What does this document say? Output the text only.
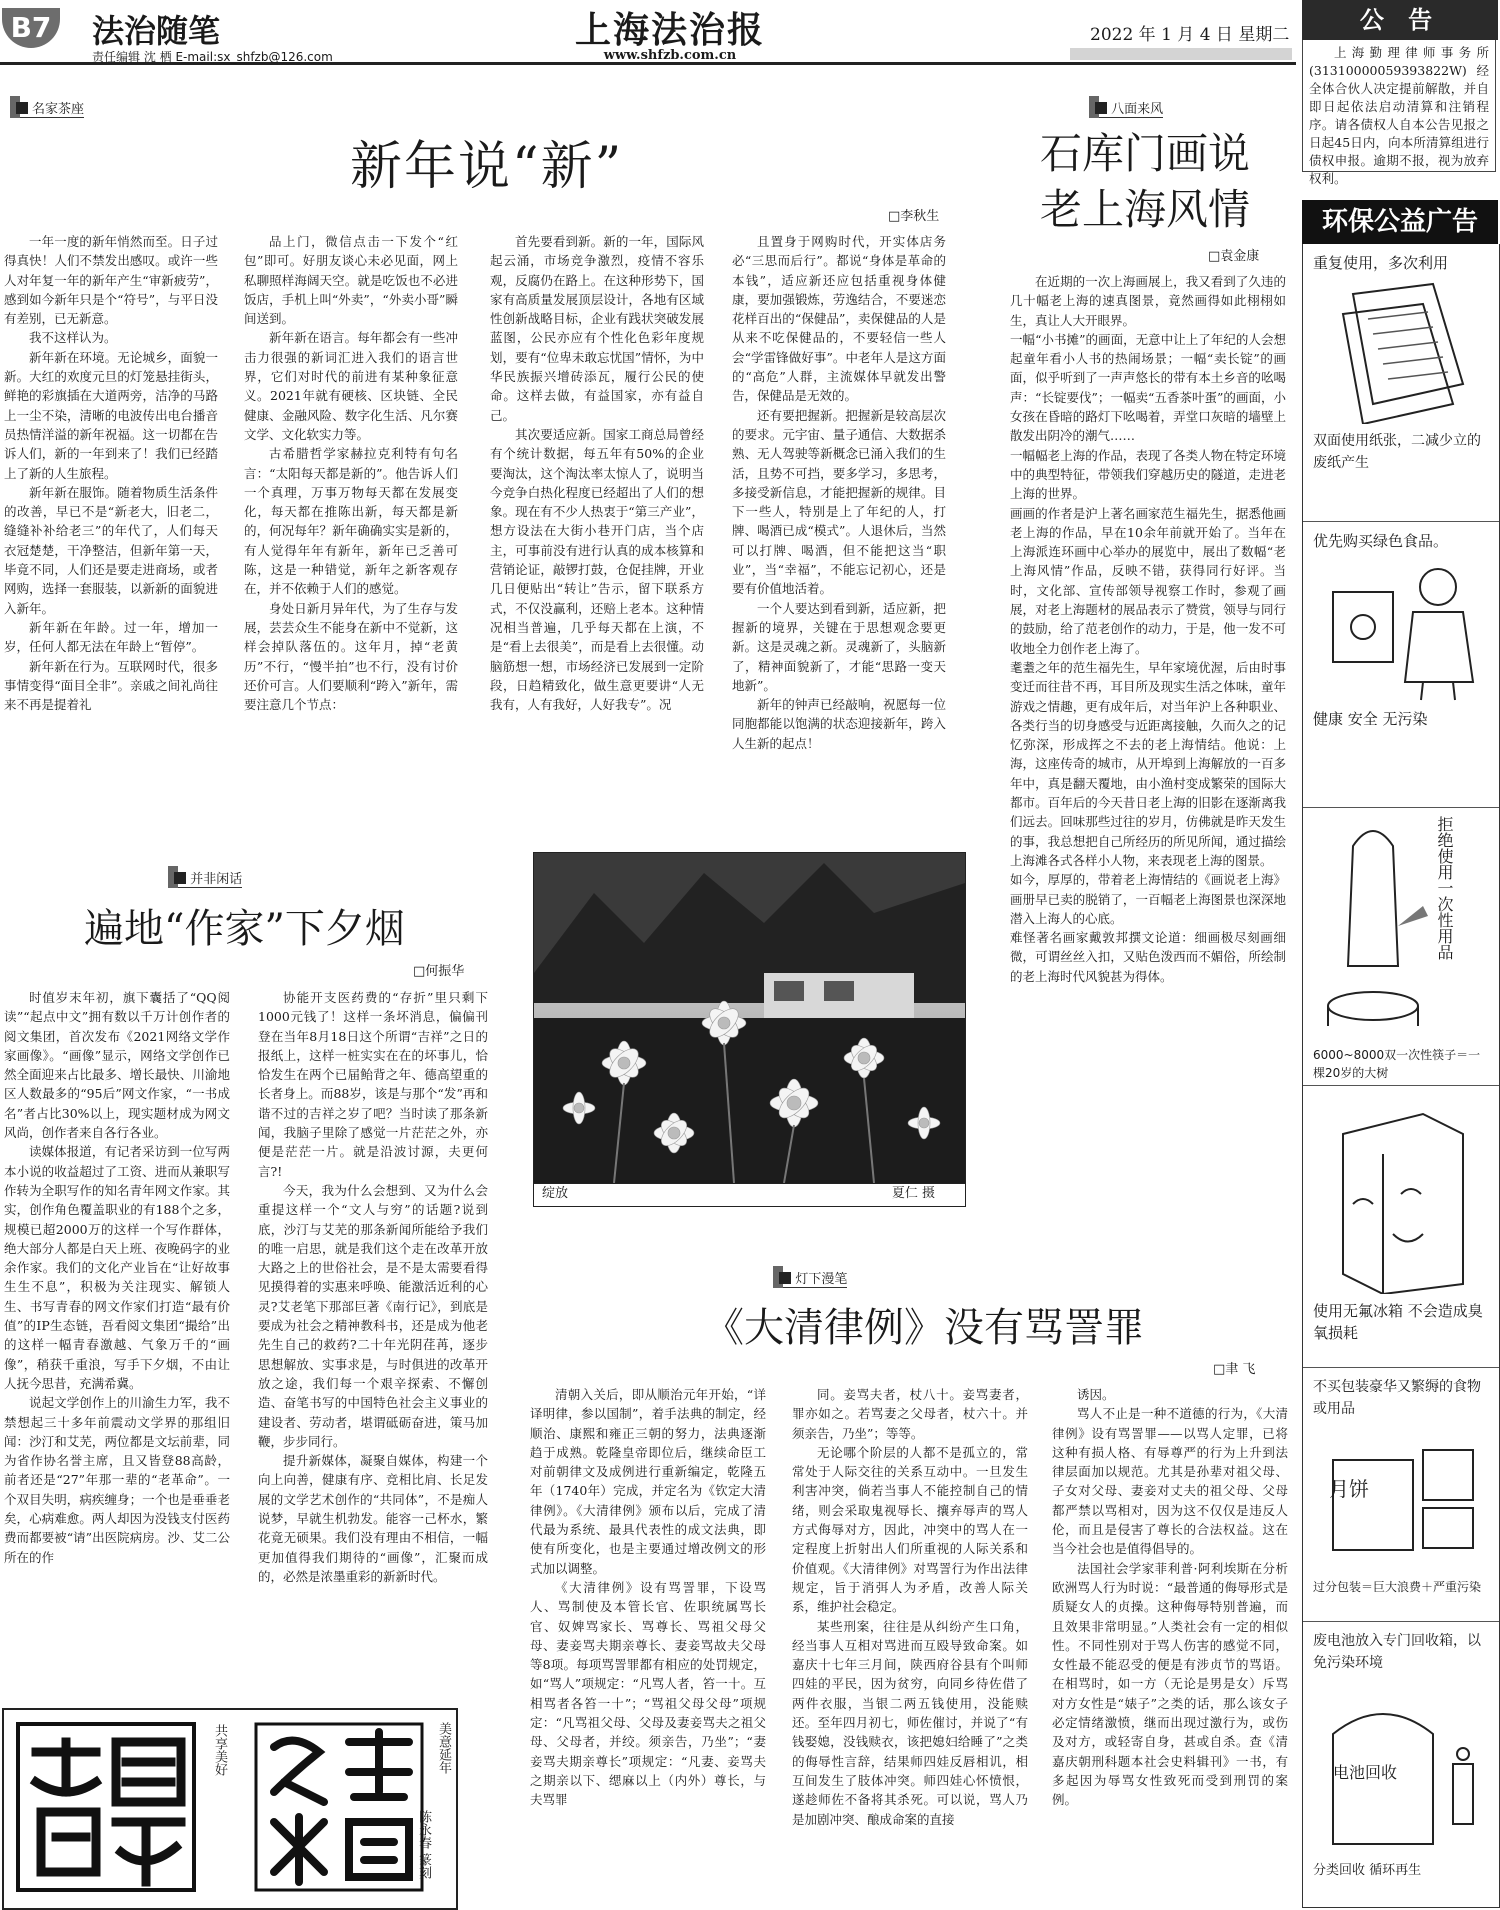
B7 法治随笔
责任编辑 沈 栖 E-mail:sx_shfzb@126.com
上海法治报
www.shfzb.com.cn
2022 年 1 月 4 日 星期二
公 告
上海勤理律师事务所(31310000059393822W)经全体合伙人决定提前解散，并自即日起依法启动清算和注销程序。请各债权人自本公告见报之日起45日内，向本所清算组进行债权申报。逾期不报，视为放弃权利。
环保公益广告
重复使用，多次利用
双面使用纸张，二减少立的废纸产生
优先购买绿色食品。
健康 安全 无污染
拒绝使用一次性用品
6000~8000双一次性筷子＝一棵20岁的大树
使用无氟冰箱 不会造成臭氧损耗
不买包装豪华又繁缛的食物或用品
月饼
过分包装＝巨大浪费＋严重污染
废电池放入专门回收箱，以免污染环境
电池回收
分类回收 循环再生
名家茶座
新年说“新”
□李秋生

一年一度的新年悄然而至。日子过得真快！人们不禁发出感叹。或许一些人对年复一年的新年产生“审新疲劳”，感到如今新年只是个“符号”，与平日没有差别，已无新意。

我不这样认为。

新年新在环境。无论城乡，面貌一新。大红的欢度元旦的灯笼悬挂街头，鲜艳的彩旗插在大道两旁，洁净的马路上一尘不染，清晰的电波传出电台播音员热情洋溢的新年祝福。这一切都在告诉人们，新的一年到来了！我们已经踏上了新的人生旅程。

新年新在服饰。随着物质生活条件的改善，早已不是“新老大，旧老二，缝缝补补给老三”的年代了，人们每天衣冠楚楚，干净整洁，但新年第一天，毕竟不同，人们还是要走进商场，或者网购，选择一套服装，以新新的面貌进入新年。

新年新在年龄。过一年，增加一岁，任何人都无法在年龄上“暂停”。

新年新在行为。互联网时代，很多事情变得“面目全非”。亲戚之间礼尚往来不再是提着礼

品上门，微信点击一下发个“红包”即可。好朋友谈心未必见面，网上私聊照样海阔天空。就是吃饭也不必进饭店，手机上叫“外卖”，“外卖小哥”瞬间送到。

新年新在语言。每年都会有一些冲击力很强的新词汇进入我们的语言世界，它们对时代的前进有某种象征意义。2021年就有硬核、区块链、全民健康、金融风险、数字化生活、凡尔赛文学、文化软实力等。

古希腊哲学家赫拉克利特有句名言：“太阳每天都是新的”。他告诉人们一个真理，万事万物每天都在发展变化，每天都在推陈出新，每天都是新的，何况每年？新年确确实实是新的，有人觉得年年有新年，新年已乏善可陈，这是一种错觉，新年之新客观存在，并不依赖于人们的感觉。

身处日新月异年代，为了生存与发展，芸芸众生不能身在新中不觉新，这样会掉队落伍的。这年月，掉“老黄历”不行，“慢半拍”也不行，没有讨价还价可言。人们要顺利“跨入”新年，需要注意几个节点：

首先要看到新。新的一年，国际风起云涌，市场竞争激烈，疫情不容乐观，反腐仍在路上。在这种形势下，国家有高质量发展顶层设计，各地有区域性创新战略目标，企业有践状突破发展蓝图，公民亦应有个性化色彩年度规划，要有“位卑未敢忘忧国”情怀，为中华民族振兴增砖添瓦，履行公民的使命。这样去做，有益国家，亦有益自己。

其次要适应新。国家工商总局曾经有个统计数据，每五年有50%的企业要淘汰，这个淘汰率太惊人了，说明当今竞争白热化程度已经超出了人们的想象。现在有不少人热衷于“第三产业”，想方设法在大街小巷开门店，当个店主，可事前没有进行认真的成本核算和营销论证，敲锣打鼓，仓促挂牌，开业几日便贴出“转让”告示，留下联系方式，不仅没赢利，还赔上老本。这种情况相当普遍，几乎每天都在上演，不是“看上去很美”，而是看上去很懂。动脑筋想一想，市场经济已发展到一定阶段，日趋精致化，做生意更要讲“人无我有，人有我好，人好我专”。况

且置身于网购时代，开实体店务必“三思而后行”。都说“身体是革命的本钱”，适应新还应包括重视身体健康，要加强锻炼，劳逸结合，不要迷恋花样百出的“保健品”，卖保健品的人是从来不吃保健品的，不要轻信一些人会“学雷锋做好事”。中老年人是这方面的“高危”人群，主流媒体早就发出警告，保健品是无效的。

还有要把握新。把握新是较高层次的要求。元宇宙、量子通信、大数据杀熟、无人驾驶等新概念已涌入我们的生活，且势不可挡，要多学习，多思考，多接受新信息，才能把握新的规律。目下一些人，特别是上了年纪的人，打牌、喝酒已成“模式”。人退休后，当然可以打牌、喝酒，但不能把这当“职业”，当“幸福”，不能忘记初心，还是要有价值地活着。

一个人要达到看到新，适应新，把握新的境界，关键在于思想观念要更新。这是灵魂之新。灵魂新了，头脑新了，精神面貌新了，才能“思路一变天地新”。

新年的钟声已经敲响，祝愿每一位同胞都能以饱满的状态迎接新年，跨入人生新的起点！

八面来风
石库门画说
老上海风情
□袁金康
在近期的一次上海画展上，我又看到了久违的几十幅老上海的速真图景，竟然画得如此栩栩如生，真让人大开眼界。
一幅“小书摊”的画面，无意中让上了年纪的人会想起童年看小人书的热闹场景；一幅“卖长锭”的画面，似乎听到了一声声悠长的带有本土乡音的吆喝声：“长锭要伐”；一幅卖“五香茶叶蛋”的画面，小女孩在昏暗的路灯下吆喝着，弄堂口灰暗的墙壁上散发出阴冷的潮气……
一幅幅老上海的作品，表现了各类人物在特定环境中的典型特征，带领我们穿越历史的隧道，走进老上海的世界。
画画的作者是沪上著名画家范生福先生，据悉他画老上海的作品，早在10余年前就开始了。当年在上海派连环画中心举办的展览中，展出了数幅“老上海风情”作品，反映不错，获得同行好评。当时，文化部、宣传部领导视察工作时，参观了画展，对老上海题材的展品表示了赞赏，领导与同行的鼓励，给了范老创作的动力，于是，他一发不可收地全力创作老上海了。
耄耋之年的范生福先生，早年家境优渥，后由时事变迁而往昔不再，耳目所及现实生活之体味，童年游戏之情趣，更有成年后，对当年沪上各种职业、各类行当的切身感受与近距离接触，久而久之的记忆弥深，形成挥之不去的老上海情结。他说：上海，这座传奇的城市，从开埠到上海解放的一百多年中，真是翻天覆地，由小渔村变成繁荣的国际大都市。百年后的今天昔日老上海的旧影在逐渐离我们远去。回味那些过往的岁月，仿佛就是昨天发生的事，我总想把自己所经历的所见所闻，通过描绘上海滩各式各样小人物，来表现老上海的图景。
如今，厚厚的，带着老上海情结的《画说老上海》画册早已卖的脱销了，一百幅老上海图景也深深地潜入上海人的心底。
难怪著名画家戴敦邦撰文论道：细画极尽刻画细微，可谓丝丝入扣，又贴色泼西而不媚俗，所绘制的老上海时代风貌甚为得体。
并非闲话
遍地“作家”下夕烟
□何振华

时值岁末年初，旗下囊括了“QQ阅读”“起点中文”拥有数以千万计创作者的阅文集团，首次发布《2021网络文学作家画像》。“画像”显示，网络文学创作已然全面迎来占比最多、增长最快、川渝地区人数最多的“95后”网文作家，“一书成名”者占比30%以上，现实题材成为网文风尚，创作者来自各行各业。

读媒体报道，有记者采访到一位写两本小说的收益超过了工资、进而从兼职写作转为全职写作的知名青年网文作家。其实，创作角色覆盖职业的有188个之多，规模已超2000万的这样一个写作群体，绝大部分人都是白天上班、夜晚码字的业余作家。我们的文化产业旨在“让好故事生生不息”，积极为关注现实、解锁人生、书写青春的网文作家们打造“最有价值”的IP生态链，吾看阅文集团“撮给”出的这样一幅青春激越、气象万千的“画像”，稍获千重浪，写手下夕烟，不由让人抚今思昔，充满希冀。

说起文学创作上的川渝生力军，我不禁想起三十多年前震动文学界的那组旧闻：沙汀和艾芜，两位都是文坛前辈，同为省作协名誉主席，且又皆登88高龄，前者还是“27”年那一辈的“老革命”。一个双目失明，病疾缠身；一个也是垂垂老矣，心病难愈。两人却因为没钱支付医药费而都要被“请”出医院病房。沙、艾二公所在的作

协能开支医药费的“存折”里只剩下1000元钱了！这样一条坏消息，偏偏刊登在当年8月18日这个所谓“吉祥”之日的报纸上，这样一桩实实在在的坏事儿，恰恰发生在两个已届鲐背之年、德高望重的长者身上。而88岁，该是与那个“发”再和谐不过的吉祥之岁了吧？当时读了那条新闻，我脑子里除了感觉一片茫茫之外，亦便是茫茫一片。就是沿波讨源，夫更何言?!

今天，我为什么会想到、又为什么会重提这样一个“文人与穷”的话题?说到底，沙汀与艾芜的那条新闻所能给予我们的唯一启思，就是我们这个走在改革开放大路之上的世俗社会，是不是太需要看得见摸得着的实惠来呼唤、能激活近利的心灵?艾老笔下那部巨著《南行记》，到底是要成为社会之精神教科书，还是成为他老先生自己的救药?二十年光阴荏苒，逐步思想解放、实事求是，与时俱进的改革开放之途，我们每一个艰辛探索、不懈创造、奋笔书写的中国特色社会主义事业的建设者、劳动者，堪谓砥砺奋进，策马加鞭，步步同行。

提升新媒体，凝聚自媒体，构建一个向上向善，健康有序、竞相比肩、长足发展的文学艺术创作的“共同体”，不是痴人说梦，早就生机勃发。能容一己杯水，繁花竟无硕果。我们没有理由不相信，一幅更加值得我们期待的“画像”，汇聚而成的，必然是浓墨重彩的新新时代。

绽放	夏仁 摄
灯下漫笔
《大清律例》没有骂詈罪
□聿 飞

清朝入关后，即从顺治元年开始，“详译明律，参以国制”，着手法典的制定，经顺治、康熙和雍正三朝的努力，法典逐渐趋于成熟。乾隆皇帝即位后，继续命臣工对前朝律文及成例进行重新编定，乾隆五年（1740年）完成，并定名为《钦定大清律例》。《大清律例》颁布以后，完成了清代最为系统、最具代表性的成文法典，即使有所变化，也是主要通过增改例文的形式加以调整。

《大清律例》设有骂詈罪，下设骂人、骂制使及本管长官、佐职统属骂长官、奴婢骂家长、骂尊长、骂祖父母父母、妻妾骂夫期亲尊长、妻妾骂故夫父母等8项。每项骂詈罪都有相应的处罚规定，如“骂人”项规定：“凡骂人者，笞一十。互相骂者各笞一十”；“骂祖父母父母”项规定：“凡骂祖父母、父母及妻妾骂夫之祖父母、父母者，并绞。须亲告，乃坐”；“妻妾骂夫期亲尊长”项规定：“凡妻、妾骂夫之期亲以下、缌麻以上（内外）尊长，与夫骂罪

同。妾骂夫者，杖八十。妾骂妻者，罪亦如之。若骂妻之父母者，杖六十。并须亲告，乃坐”；等等。

无论哪个阶层的人都不是孤立的，常常处于人际交往的关系互动中。一旦发生利害冲突，倘若当事人不能控制自己的情绪，则会采取鬼视辱长、攘弃辱声的骂人方式侮辱对方，因此，冲突中的骂人在一定程度上折射出人们所重视的人际关系和价值观。《大清律例》对骂詈行为作出法律规定，旨于消弭人为矛盾，改善人际关系，维护社会稳定。

某些刑案，往往是从纠纷产生口角，经当事人互相对骂进而互殴导致命案。如嘉庆十七年三月间，陕西府谷县有个叫师四娃的平民，因为贫穷，向同乡待佐借了两件衣服，当银二两五钱使用，没能赎还。至年四月初七，师佐催讨，并说了“有钱娶媳，没钱赎衣，该把媳妇给睡了”之类的侮辱性言辞，结果师四娃反唇相讥，相互间发生了肢体冲突。师四娃心怀愤恨，遂趁师佐不备将其杀死。可以说，骂人乃是加剧冲突、酿成命案的直接

诱因。

骂人不止是一种不道德的行为，《大清律例》设有骂詈罪——以骂人定罪，已将这种有损人格、有辱尊严的行为上升到法律层面加以规范。尤其是孙辈对祖父母、子女对父母、妻妾对丈夫的祖父母、父母都严禁以骂相对，因为这不仅仅是违反人伦，而且是侵害了尊长的合法权益。这在当今社会也是值得倡导的。

法国社会学家菲利普·阿利埃斯在分析欧洲骂人行为时说：“最普通的侮辱形式是质疑女人的贞操。这种侮辱特别普遍，而且效果非常明显。”人类社会有一定的相似性。不同性别对于骂人伤害的感觉不同，女性最不能忍受的便是有涉贞节的骂语。在相骂时，如一方（无论是男是女）斥骂对方女性是“婊子”之类的话，那么该女子必定情绪激愤，继而出现过激行为，或伤及对方，或轻寄自身，甚或自杀。查《清嘉庆朝刑科题本社会史料辑刊》一书，有多起因为辱骂女性致死而受到刑罚的案例。

共享美好	美意延年
陈永春 篆刻
